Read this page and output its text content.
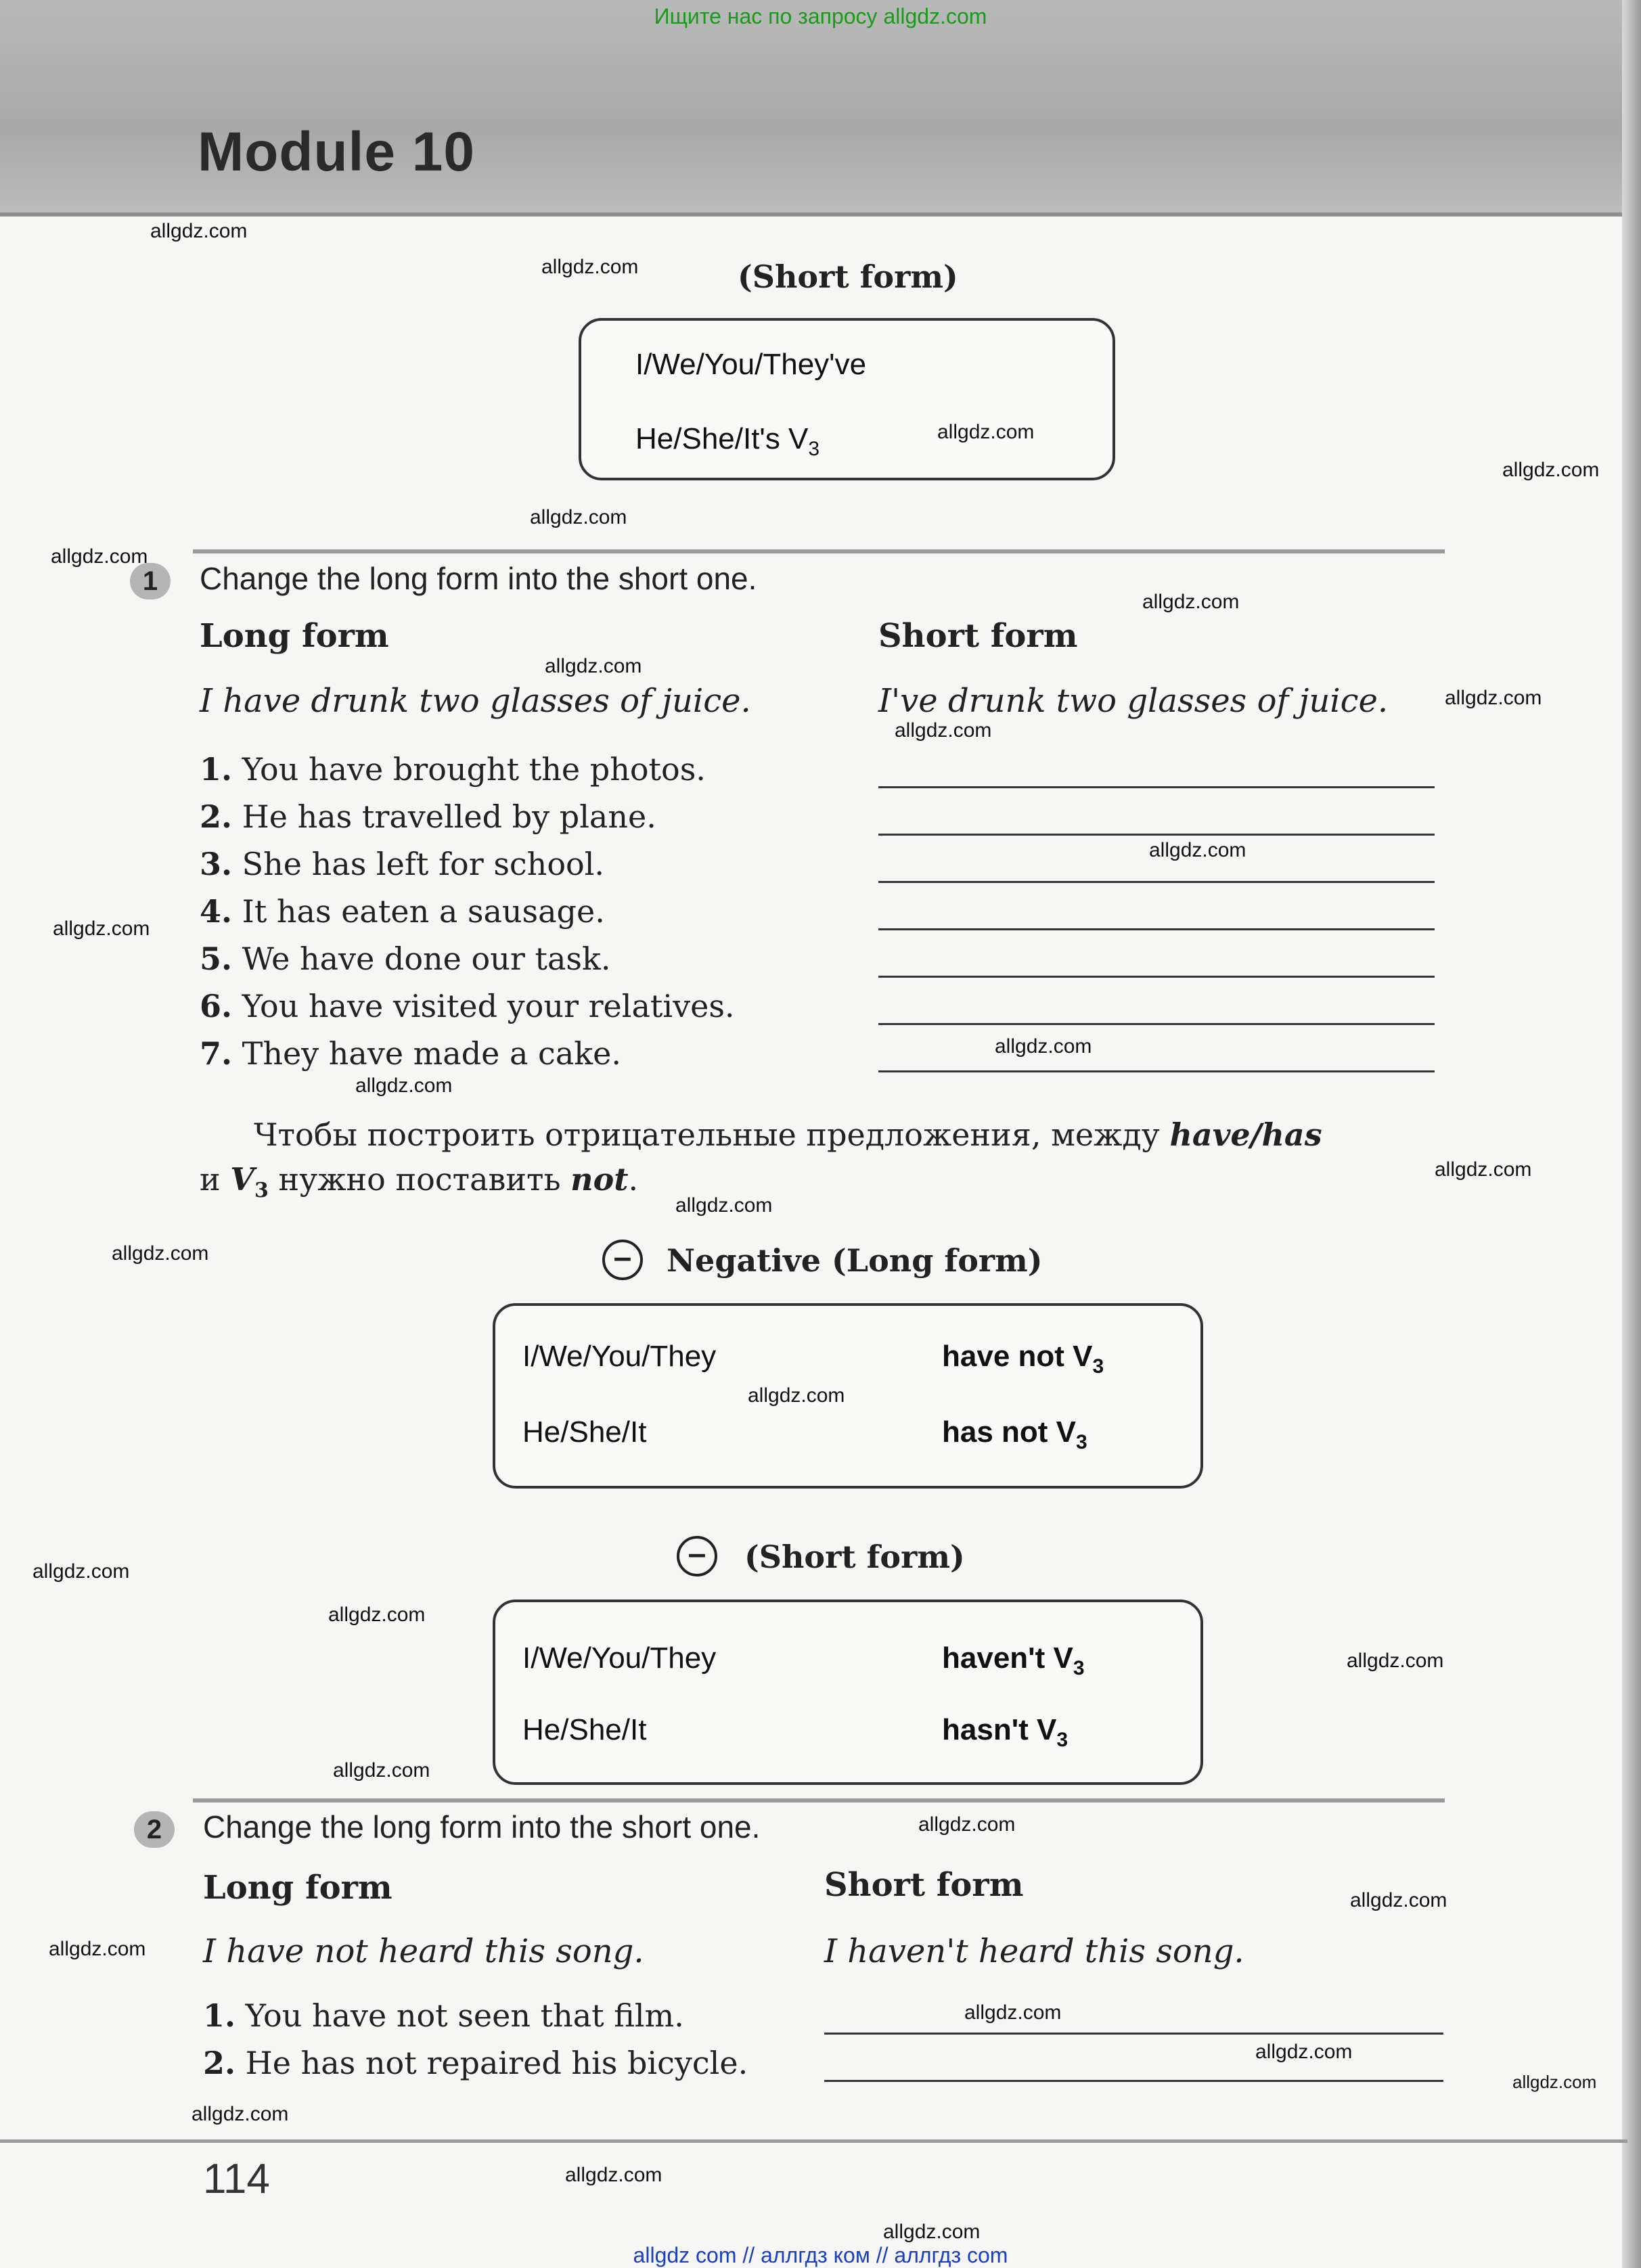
Ищите нас по запросу allgdz.com
Module 10
(Short form)
I/We/You/They've
He/She/It's $V_3$
1	Change the long form into the short one.
Long form	Short form
I have drunk two glasses of juice.	I've drunk two glasses of juice.
1. You have brought the photos.
2. He has travelled by plane.
3. She has left for school.
4. It has eaten a sausage.
5. We have done our task.
6. You have visited your relatives.
7. They have made a cake.
Чтобы построить отрицательные предложения, между have/has
и $V_3$ нужно поставить not.
–	Negative (Long form)
I/We/You/They	have not $V_3$
He/She/It	has not $V_3$
–	(Short form)
I/We/You/They	haven't $V_3$
He/She/It	hasn't $V_3$
2	Change the long form into the short one.
Long form	Short form
I have not heard this song.	I haven't heard this song.
1. You have not seen that film.
2. He has not repaired his bicycle.
114
allgdz com // аллгдз ком // аллгдз com
allgdz.com
allgdz.com
allgdz.com
allgdz.com
allgdz.com
allgdz.com
allgdz.com
allgdz.com
allgdz.com
allgdz.com
allgdz.com
allgdz.com
allgdz.com
allgdz.com
allgdz.com
allgdz.com
allgdz.com
allgdz.com
allgdz.com
allgdz.com
allgdz.com
allgdz.com
allgdz.com
allgdz.com
allgdz.com
allgdz.com
allgdz.com
allgdz.com
allgdz.com
allgdz.com
allgdz.com
